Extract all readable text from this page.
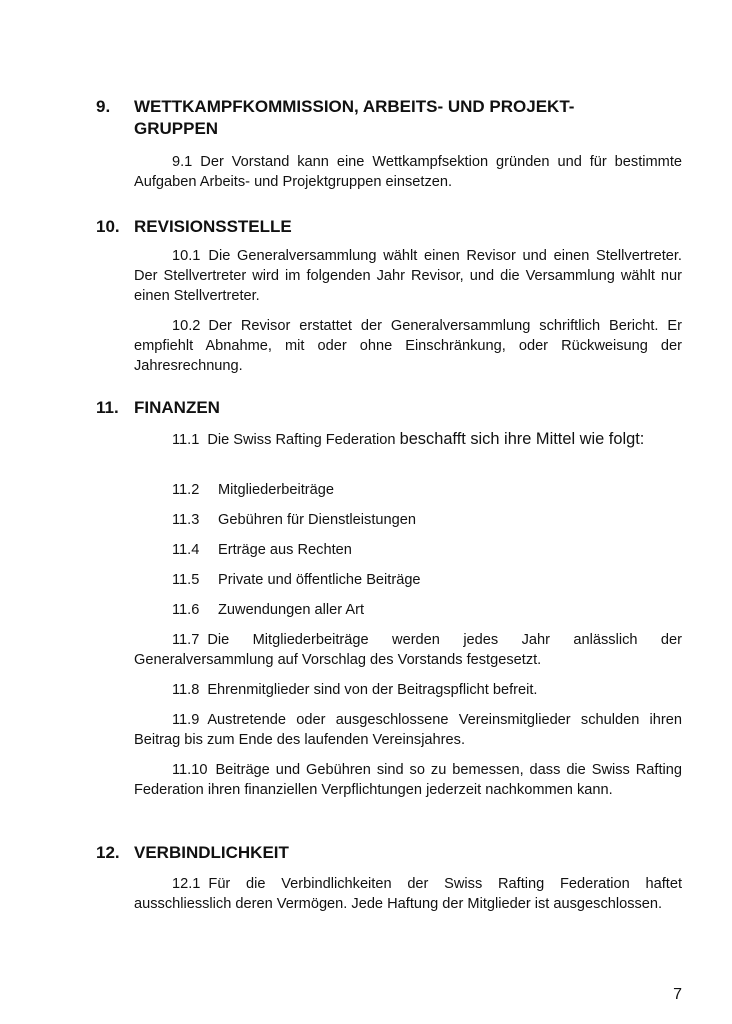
9. WETTKAMPFKOMMISSION, ARBEITS- UND PROJEKT-GRUPPEN
9.1 Der Vorstand kann eine Wettkampfsektion gründen und für bestimmte Aufgaben Arbeits- und Projektgruppen einsetzen.
10. REVISIONSSTELLE
10.1 Die Generalversammlung wählt einen Revisor und einen Stellvertreter. Der Stellvertreter wird im folgenden Jahr Revisor, und die Versammlung wählt nur einen Stellvertreter.
10.2 Der Revisor erstattet der Generalversammlung schriftlich Bericht. Er empfiehlt Abnahme, mit oder ohne Einschränkung, oder Rückweisung der Jahresrechnung.
11. FINANZEN
11.1 Die Swiss Rafting Federation beschafft sich ihre Mittel wie folgt:
11.2 Mitgliederbeiträge
11.3 Gebühren für Dienstleistungen
11.4 Erträge aus Rechten
11.5 Private und öffentliche Beiträge
11.6 Zuwendungen aller Art
11.7 Die Mitgliederbeiträge werden jedes Jahr anlässlich der Generalversammlung auf Vorschlag des Vorstands festgesetzt.
11.8 Ehrenmitglieder sind von der Beitragspflicht befreit.
11.9 Austretende oder ausgeschlossene Vereinsmitglieder schulden ihren Beitrag bis zum Ende des laufenden Vereinsjahres.
11.10 Beiträge und Gebühren sind so zu bemessen, dass die Swiss Rafting Federation ihren finanziellen Verpflichtungen jederzeit nachkommen kann.
12. VERBINDLICHKEIT
12.1 Für die Verbindlichkeiten der Swiss Rafting Federation haftet ausschliesslich deren Vermögen. Jede Haftung der Mitglieder ist ausgeschlossen.
7
